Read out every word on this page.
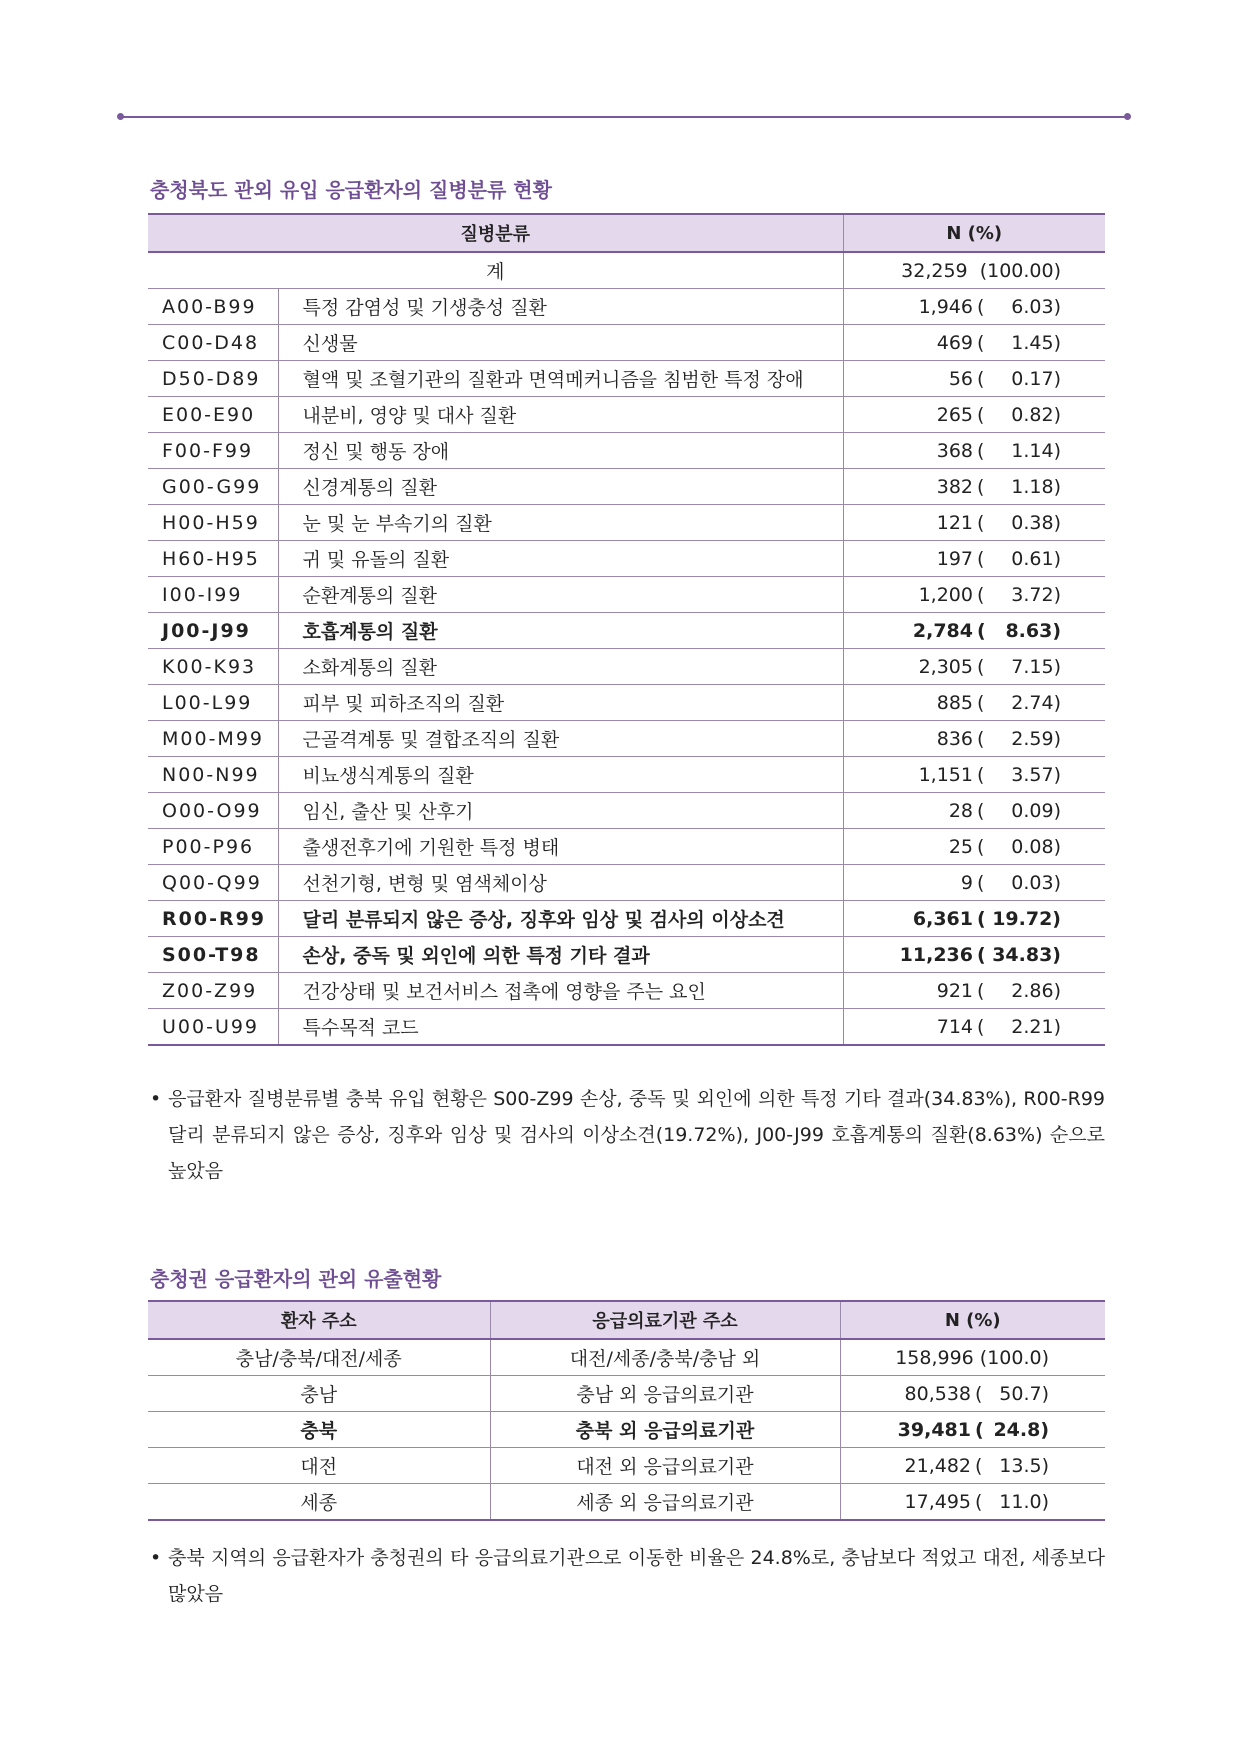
충청북도 관외 유입 응급환자의 질병분류 현황
질병분류		N (%)
계		32,259 (100.00)
A00-B99	특정 감염성 및 기생충성 질환	1,946 ( 6.03)
C00-D48	신생물	469 ( 1.45)
D50-D89	혈액 및 조혈기관의 질환과 면역메커니즘을 침범한 특정 장애	56 ( 0.17)
E00-E90	내분비, 영양 및 대사 질환	265 ( 0.82)
F00-F99	정신 및 행동 장애	368 ( 1.14)
G00-G99	신경계통의 질환	382 ( 1.18)
H00-H59	눈 및 눈 부속기의 질환	121 ( 0.38)
H60-H95	귀 및 유돌의 질환	197 ( 0.61)
I00-I99	순환계통의 질환	1,200 ( 3.72)
J00-J99	호흡계통의 질환	2,784 ( 8.63)
K00-K93	소화계통의 질환	2,305 ( 7.15)
L00-L99	피부 및 피하조직의 질환	885 ( 2.74)
M00-M99	근골격계통 및 결합조직의 질환	836 ( 2.59)
N00-N99	비뇨생식계통의 질환	1,151 ( 3.57)
O00-O99	임신, 출산 및 산후기	28 ( 0.09)
P00-P96	출생전후기에 기원한 특정 병태	25 ( 0.08)
Q00-Q99	선천기형, 변형 및 염색체이상	9 ( 0.03)
R00-R99	달리 분류되지 않은 증상, 징후와 임상 및 검사의 이상소견	6,361 ( 19.72)
S00-T98	손상, 중독 및 외인에 의한 특정 기타 결과	11,236 ( 34.83)
Z00-Z99	건강상태 및 보건서비스 접촉에 영향을 주는 요인	921 ( 2.86)
U00-U99	특수목적 코드	714 ( 2.21)
• 응급환자 질병분류별 충북 유입 현황은 S00-Z99 손상, 중독 및 외인에 의한 특정 기타 결과(34.83%), R00-R99 달리 분류되지 않은 증상, 징후와 임상 및 검사의 이상소견(19.72%), J00-J99 호흡계통의 질환(8.63%) 순으로 높았음
충청권 응급환자의 관외 유출현황
환자 주소	응급의료기관 주소	N (%)
충남/충북/대전/세종	대전/세종/충북/충남 외	158,996 (100.0)
충남	충남 외 응급의료기관	80,538 ( 50.7)
충북	충북 외 응급의료기관	39,481 ( 24.8)
대전	대전 외 응급의료기관	21,482 ( 13.5)
세종	세종 외 응급의료기관	17,495 ( 11.0)
• 충북 지역의 응급환자가 충청권의 타 응급의료기관으로 이동한 비율은 24.8%로, 충남보다 적었고 대전, 세종보다 많았음
